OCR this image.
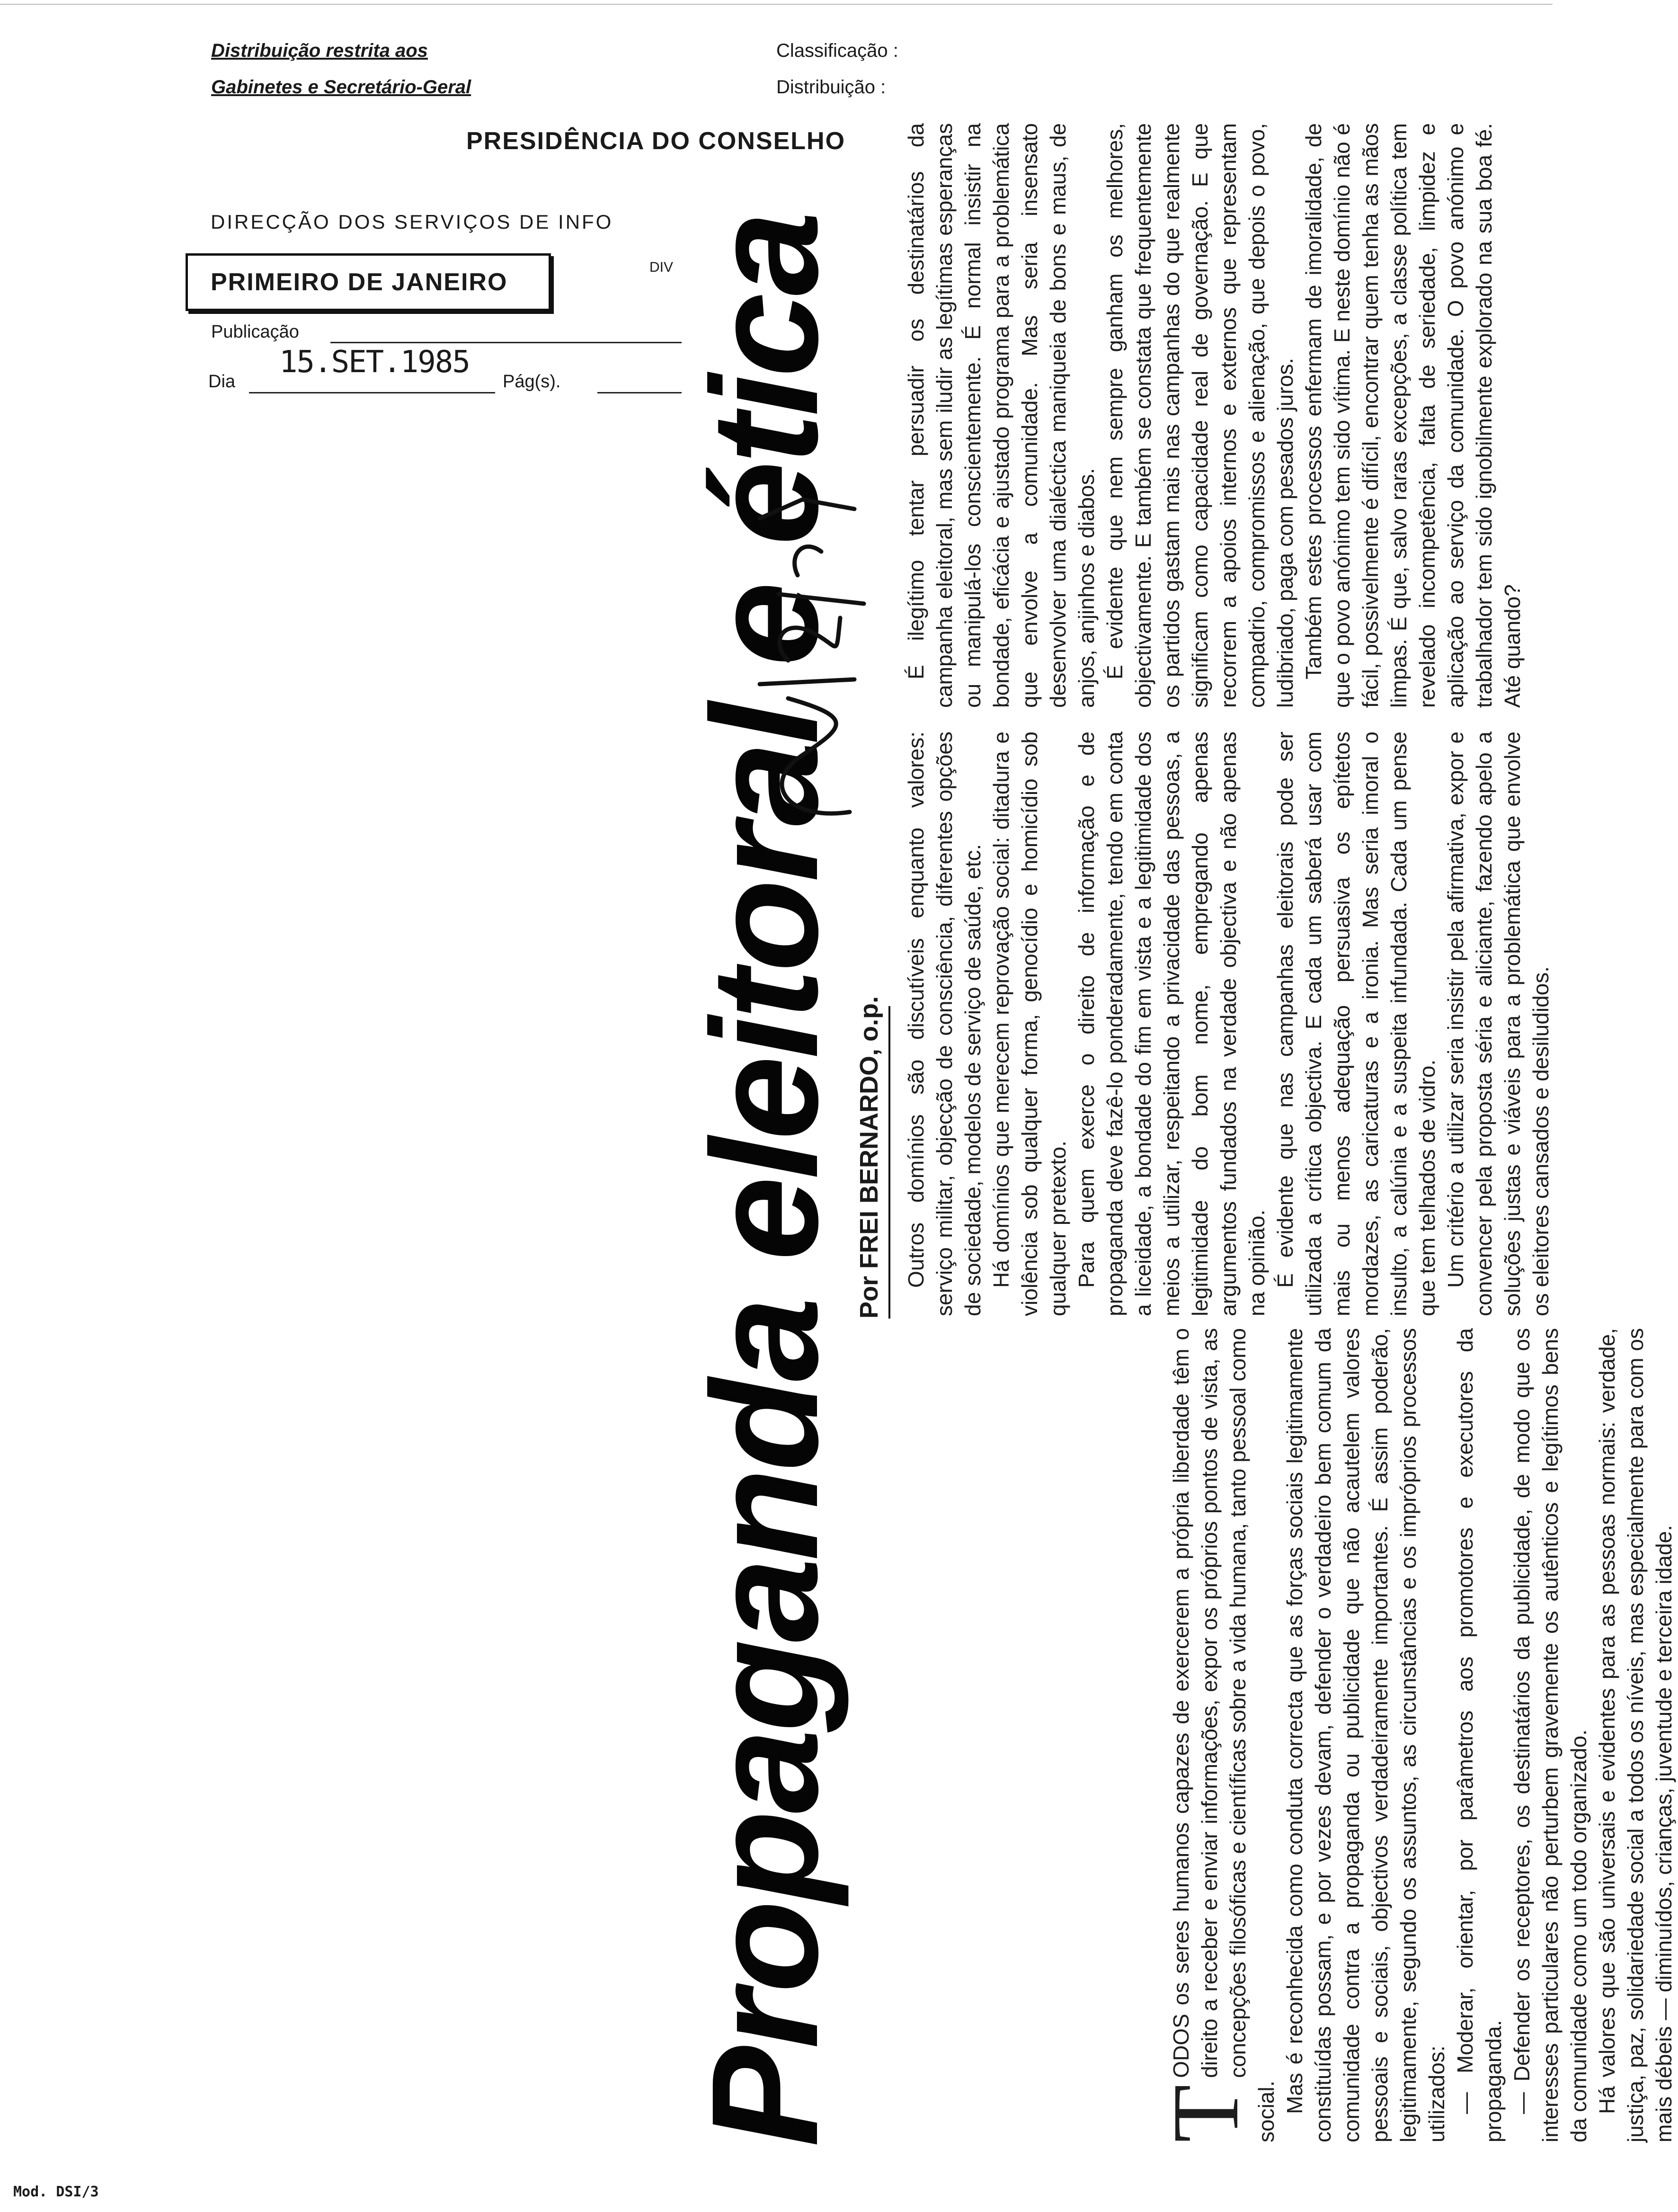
Distribuição restrita aos
Gabinetes e Secretário-Geral
Classificação :
Distribuição :
PRESIDÊNCIA DO CONSELHO
DIRECÇÃO DOS SERVIÇOS DE INFO
DIV
PRIMEIRO DE JANEIRO
Publicação
Dia
15.SET.1985
Pág(s). Propaganda eleitoral e ética Por FREI BERNARDO, o.p.
T

ODOS os seres humanos capazes de exercerem a própria liberdade têm o direito a receber e enviar informações, expor os próprios pontos de vista, as concepções filosóficas e científicas sobre a vida humana, tanto pessoal como social. Mas é reconhecida como conduta correcta que as forças sociais legitimamente constituídas possam, e por vezes devam, defender o verdadeiro bem comum da comunidade contra a propaganda ou publicidade que não acautelem valores pessoais e sociais, objectivos verdadeiramente importantes. É assim poderão, legitimamente, segundo os assuntos, as circunstâncias e os impróprios processos utilizados: — Moderar, orientar, por parâmetros aos promotores e executores da propaganda. — Defender os receptores, os destinatários da publicidade, de modo que os interesses particulares não perturbem gravemente os autênticos e legítimos bens da comunidade como um todo organizado. Há valores que são universais e evidentes para as pessoas normais: verdade, justiça, paz, solidariedade social a todos os níveis, mas especialmente para com os mais débeis — diminuídos, crianças, juventude e terceira idade.

Outros domínios são discutíveis enquanto valores: serviço militar, objecção de consciência, diferentes opções de sociedade, modelos de serviço de saúde, etc. Há domínios que merecem reprovação social: ditadura e violência sob qualquer forma, genocídio e homicídio sob qualquer pretexto. Para quem exerce o direito de informação e de propaganda deve fazê-lo ponderadamente, tendo em conta a liceidade, a bondade do fim em vista e a legitimidade dos meios a utilizar, respeitando a privacidade das pessoas, a legitimidade do bom nome, empregando apenas argumentos fundados na verdade objectiva e não apenas na opinião. É evidente que nas campanhas eleitorais pode ser utilizada a crítica objectiva. E cada um saberá usar com mais ou menos adequação persuasiva os epítetos mordazes, as caricaturas e a ironia. Mas seria imoral o insulto, a calúnia e a suspeita infundada. Cada um pense que tem telhados de vidro. Um critério a utilizar seria insistir pela afirmativa, expor e convencer pela proposta séria e aliciante, fazendo apelo a soluções justas e viáveis para a problemática que envolve os eleitores cansados e desiludidos.

É ilegítimo tentar persuadir os destinatários da campanha eleitoral, mas sem iludir as legítimas esperanças ou manipulá-los conscientemente. É normal insistir na bondade, eficácia e ajustado programa para a problemática que envolve a comunidade. Mas seria insensato desenvolver uma dialéctica maniqueia de bons e maus, de anjos, anjinhos e diabos. É evidente que nem sempre ganham os melhores, objectivamente. E também se constata que frequentemente os partidos gastam mais nas campanhas do que realmente significam como capacidade real de governação. E que recorrem a apoios internos e externos que representam compadrio, compromissos e alienação, que depois o povo, ludibriado, paga com pesados juros. Também estes processos enfermam de imoralidade, de que o povo anónimo tem sido vítima. E neste domínio não é fácil, possivelmente é difícil, encontrar quem tenha as mãos limpas. É que, salvo raras excepções, a classe política tem revelado incompetência, falta de seriedade, limpidez e aplicação ao serviço da comunidade. O povo anónimo e trabalhador tem sido ignobilmente explorado na sua boa fé. Até quando?

Mod. DSI/3
